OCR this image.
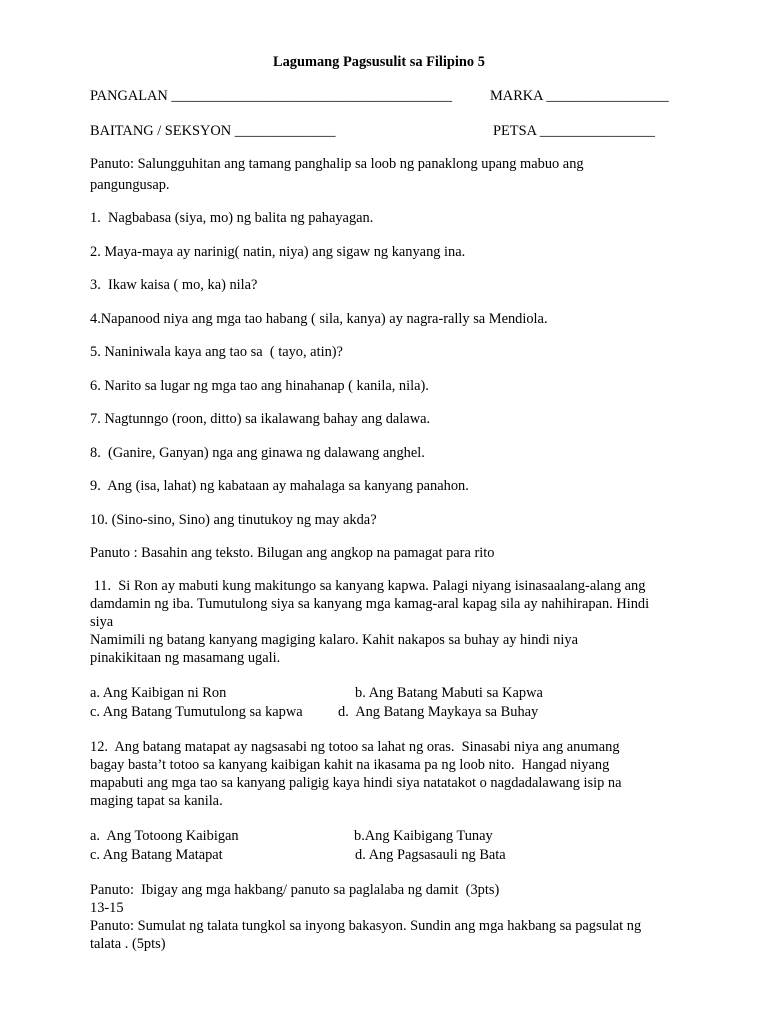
Lagumang Pagsusulit sa Filipino 5
PANGALAN _______________________________________	MARKA _________________
BAITANG / SEKSYON ______________	PETSA ________________
Panuto: Salungguhitan ang tamang panghalip sa loob ng panaklong upang mabuo ang
pangungusap.
1.  Nagbabasa (siya, mo) ng balita ng pahayagan.
2. Maya-maya ay narinig( natin, niya) ang sigaw ng kanyang ina.
3.  Ikaw kaisa ( mo, ka) nila?
4.Napanood niya ang mga tao habang ( sila, kanya) ay nagra-rally sa Mendiola.
5. Naniniwala kaya ang tao sa  ( tayo, atin)?
6. Narito sa lugar ng mga tao ang hinahanap ( kanila, nila).
7. Nagtunngo (roon, ditto) sa ikalawang bahay ang dalawa.
8.  (Ganire, Ganyan) nga ang ginawa ng dalawang anghel.
9.  Ang (isa, lahat) ng kabataan ay mahalaga sa kanyang panahon.
10. (Sino-sino, Sino) ang tinutukoy ng may akda?
Panuto : Basahin ang teksto. Bilugan ang angkop na pamagat para rito
11.  Si Ron ay mabuti kung makitungo sa kanyang kapwa. Palagi niyang isinasaalang-alang ang
damdamin ng iba. Tumutulong siya sa kanyang mga kamag-aral kapag sila ay nahihirapan. Hindi
siya
Namimili ng batang kanyang magiging kalaro. Kahit nakapos sa buhay ay hindi niya
pinakikitaan ng masamang ugali.
a. Ang Kaibigan ni Ron	b. Ang Batang Mabuti sa Kapwa
c. Ang Batang Tumutulong sa kapwa d.  Ang Batang Maykaya sa Buhay
12.  Ang batang matapat ay nagsasabi ng totoo sa lahat ng oras.  Sinasabi niya ang anumang
bagay basta’t totoo sa kanyang kaibigan kahit na ikasama pa ng loob nito.  Hangad niyang
mapabuti ang mga tao sa kanyang paligig kaya hindi siya natatakot o nagdadalawang isip na
maging tapat sa kanila.
a.  Ang Totoong Kaibigan	b.Ang Kaibigang Tunay
c. Ang Batang Matapat	d. Ang Pagsasauli ng Bata
Panuto:  Ibigay ang mga hakbang/ panuto sa paglalaba ng damit  (3pts)
13-15
Panuto: Sumulat ng talata tungkol sa inyong bakasyon. Sundin ang mga hakbang sa pagsulat ng
talata . (5pts)
